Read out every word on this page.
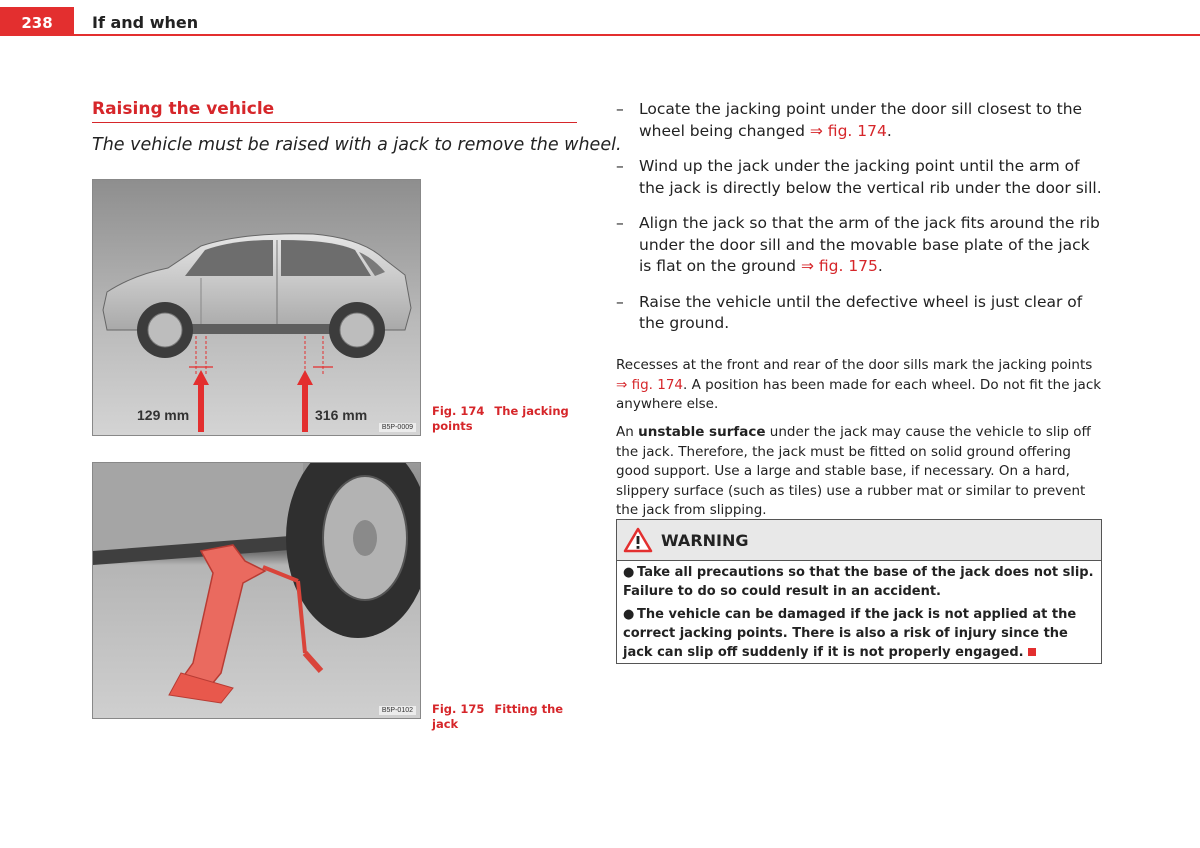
238	If and when
Raising the vehicle
The vehicle must be raised with a jack to remove the wheel.
129 mm	316 mm
B5P-0009
Fig. 174 The jacking points
B5P-0102 Fig. 175 Fitting the jack
– Locate the jacking point under the door sill closest to the wheel being changed ⇒ fig. 174.
– Wind up the jack under the jacking point until the arm of the jack is directly below the vertical rib under the door sill.
– Align the jack so that the arm of the jack fits around the rib under the door sill and the movable base plate of the jack is flat on the ground ⇒ fig. 175.
– Raise the vehicle until the defective wheel is just clear of the ground.
Recesses at the front and rear of the door sills mark the jacking points
⇒ fig. 174. A position has been made for each wheel. Do not fit the jack anywhere else.
An unstable surface under the jack may cause the vehicle to slip off the jack. Therefore, the jack must be fitted on solid ground offering good support. Use a large and stable base, if necessary. On a hard, slippery surface (such as tiles) use a rubber mat or similar to prevent the jack from slipping.
WARNING
● Take all precautions so that the base of the jack does not slip. Failure to do so could result in an accident.
● The vehicle can be damaged if the jack is not applied at the correct jacking points. There is also a risk of injury since the jack can slip off suddenly if it is not properly engaged.
